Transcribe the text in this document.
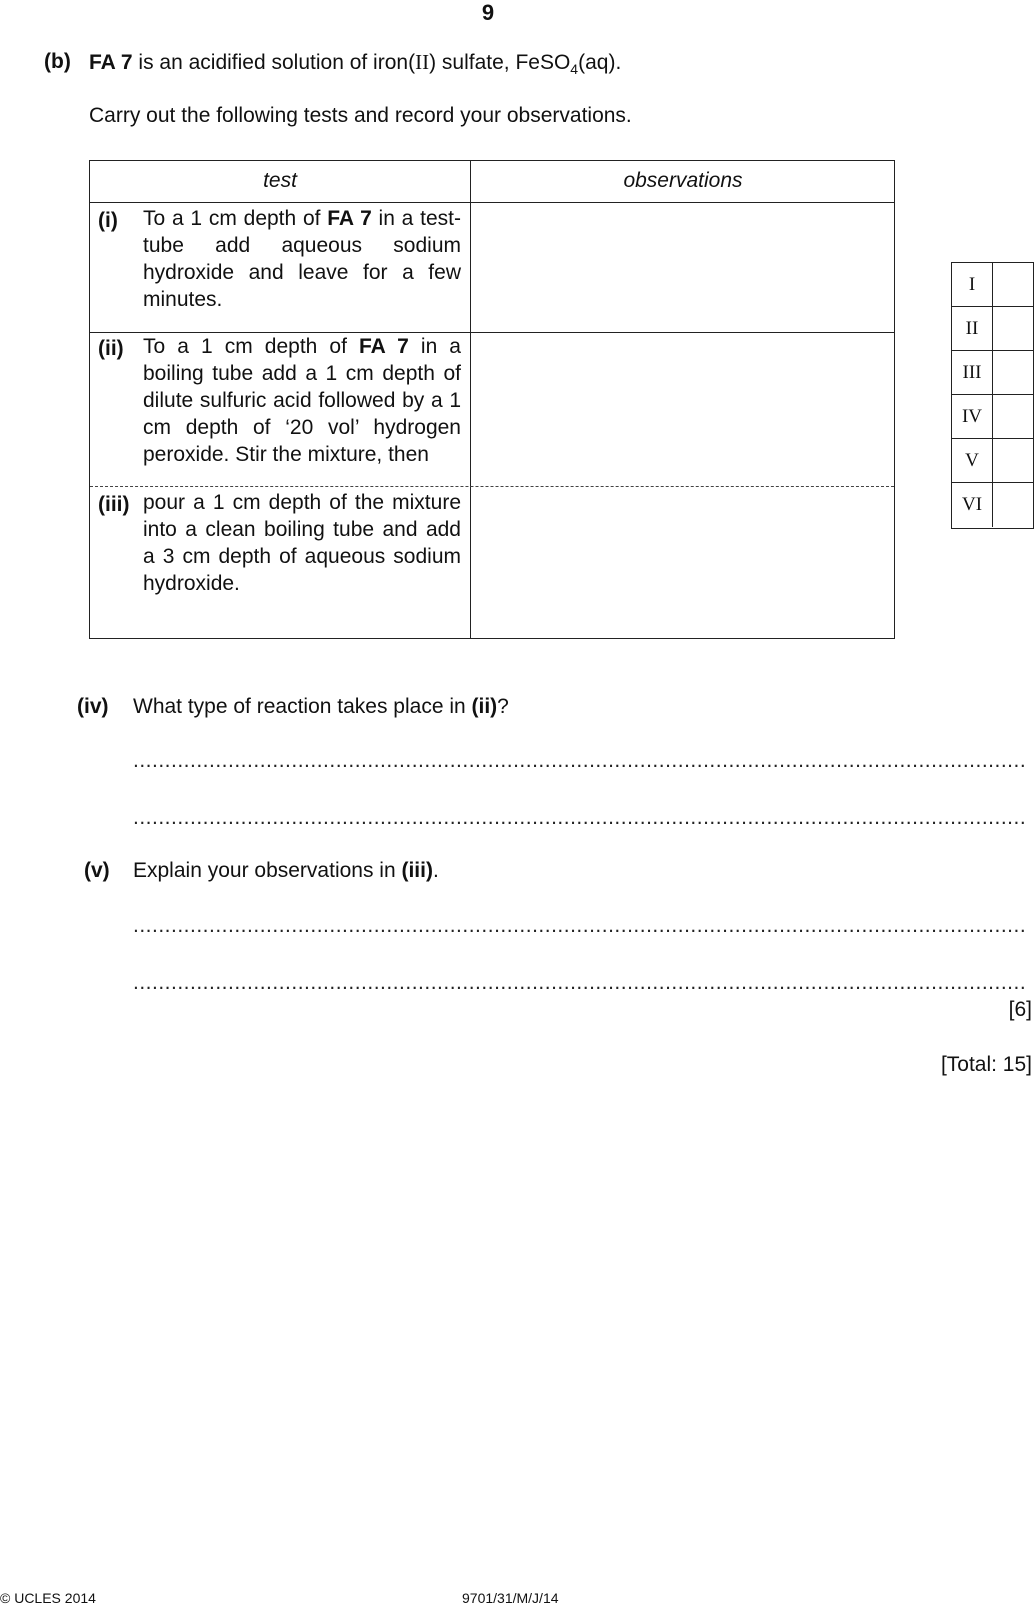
9
(b) FA 7 is an acidified solution of iron(II) sulfate, FeSO$_4$(aq).
Carry out the following tests and record your observations.
test	observations
(i) To a 1 cm depth of FA 7 in a test-tube add aqueous sodium hydroxide and leave for a few minutes.
(ii) To a 1 cm depth of FA 7 in a boiling tube add a 1 cm depth of dilute sulfuric acid followed by a 1 cm depth of ‘20 vol’ hydrogen peroxide. Stir the mixture, then
(iii) pour a 1 cm depth of the mixture into a clean boiling tube and add a 3 cm depth of aqueous sodium hydroxide.
I
II
III
IV
V
VI
(iv) What type of reaction takes place in (ii)?
.............................................................................................................................................
.............................................................................................................................................
(v) Explain your observations in (iii).
.............................................................................................................................................
.............................................................................................................................................
[6]
[Total: 15]
© UCLES 2014	9701/31/M/J/14
